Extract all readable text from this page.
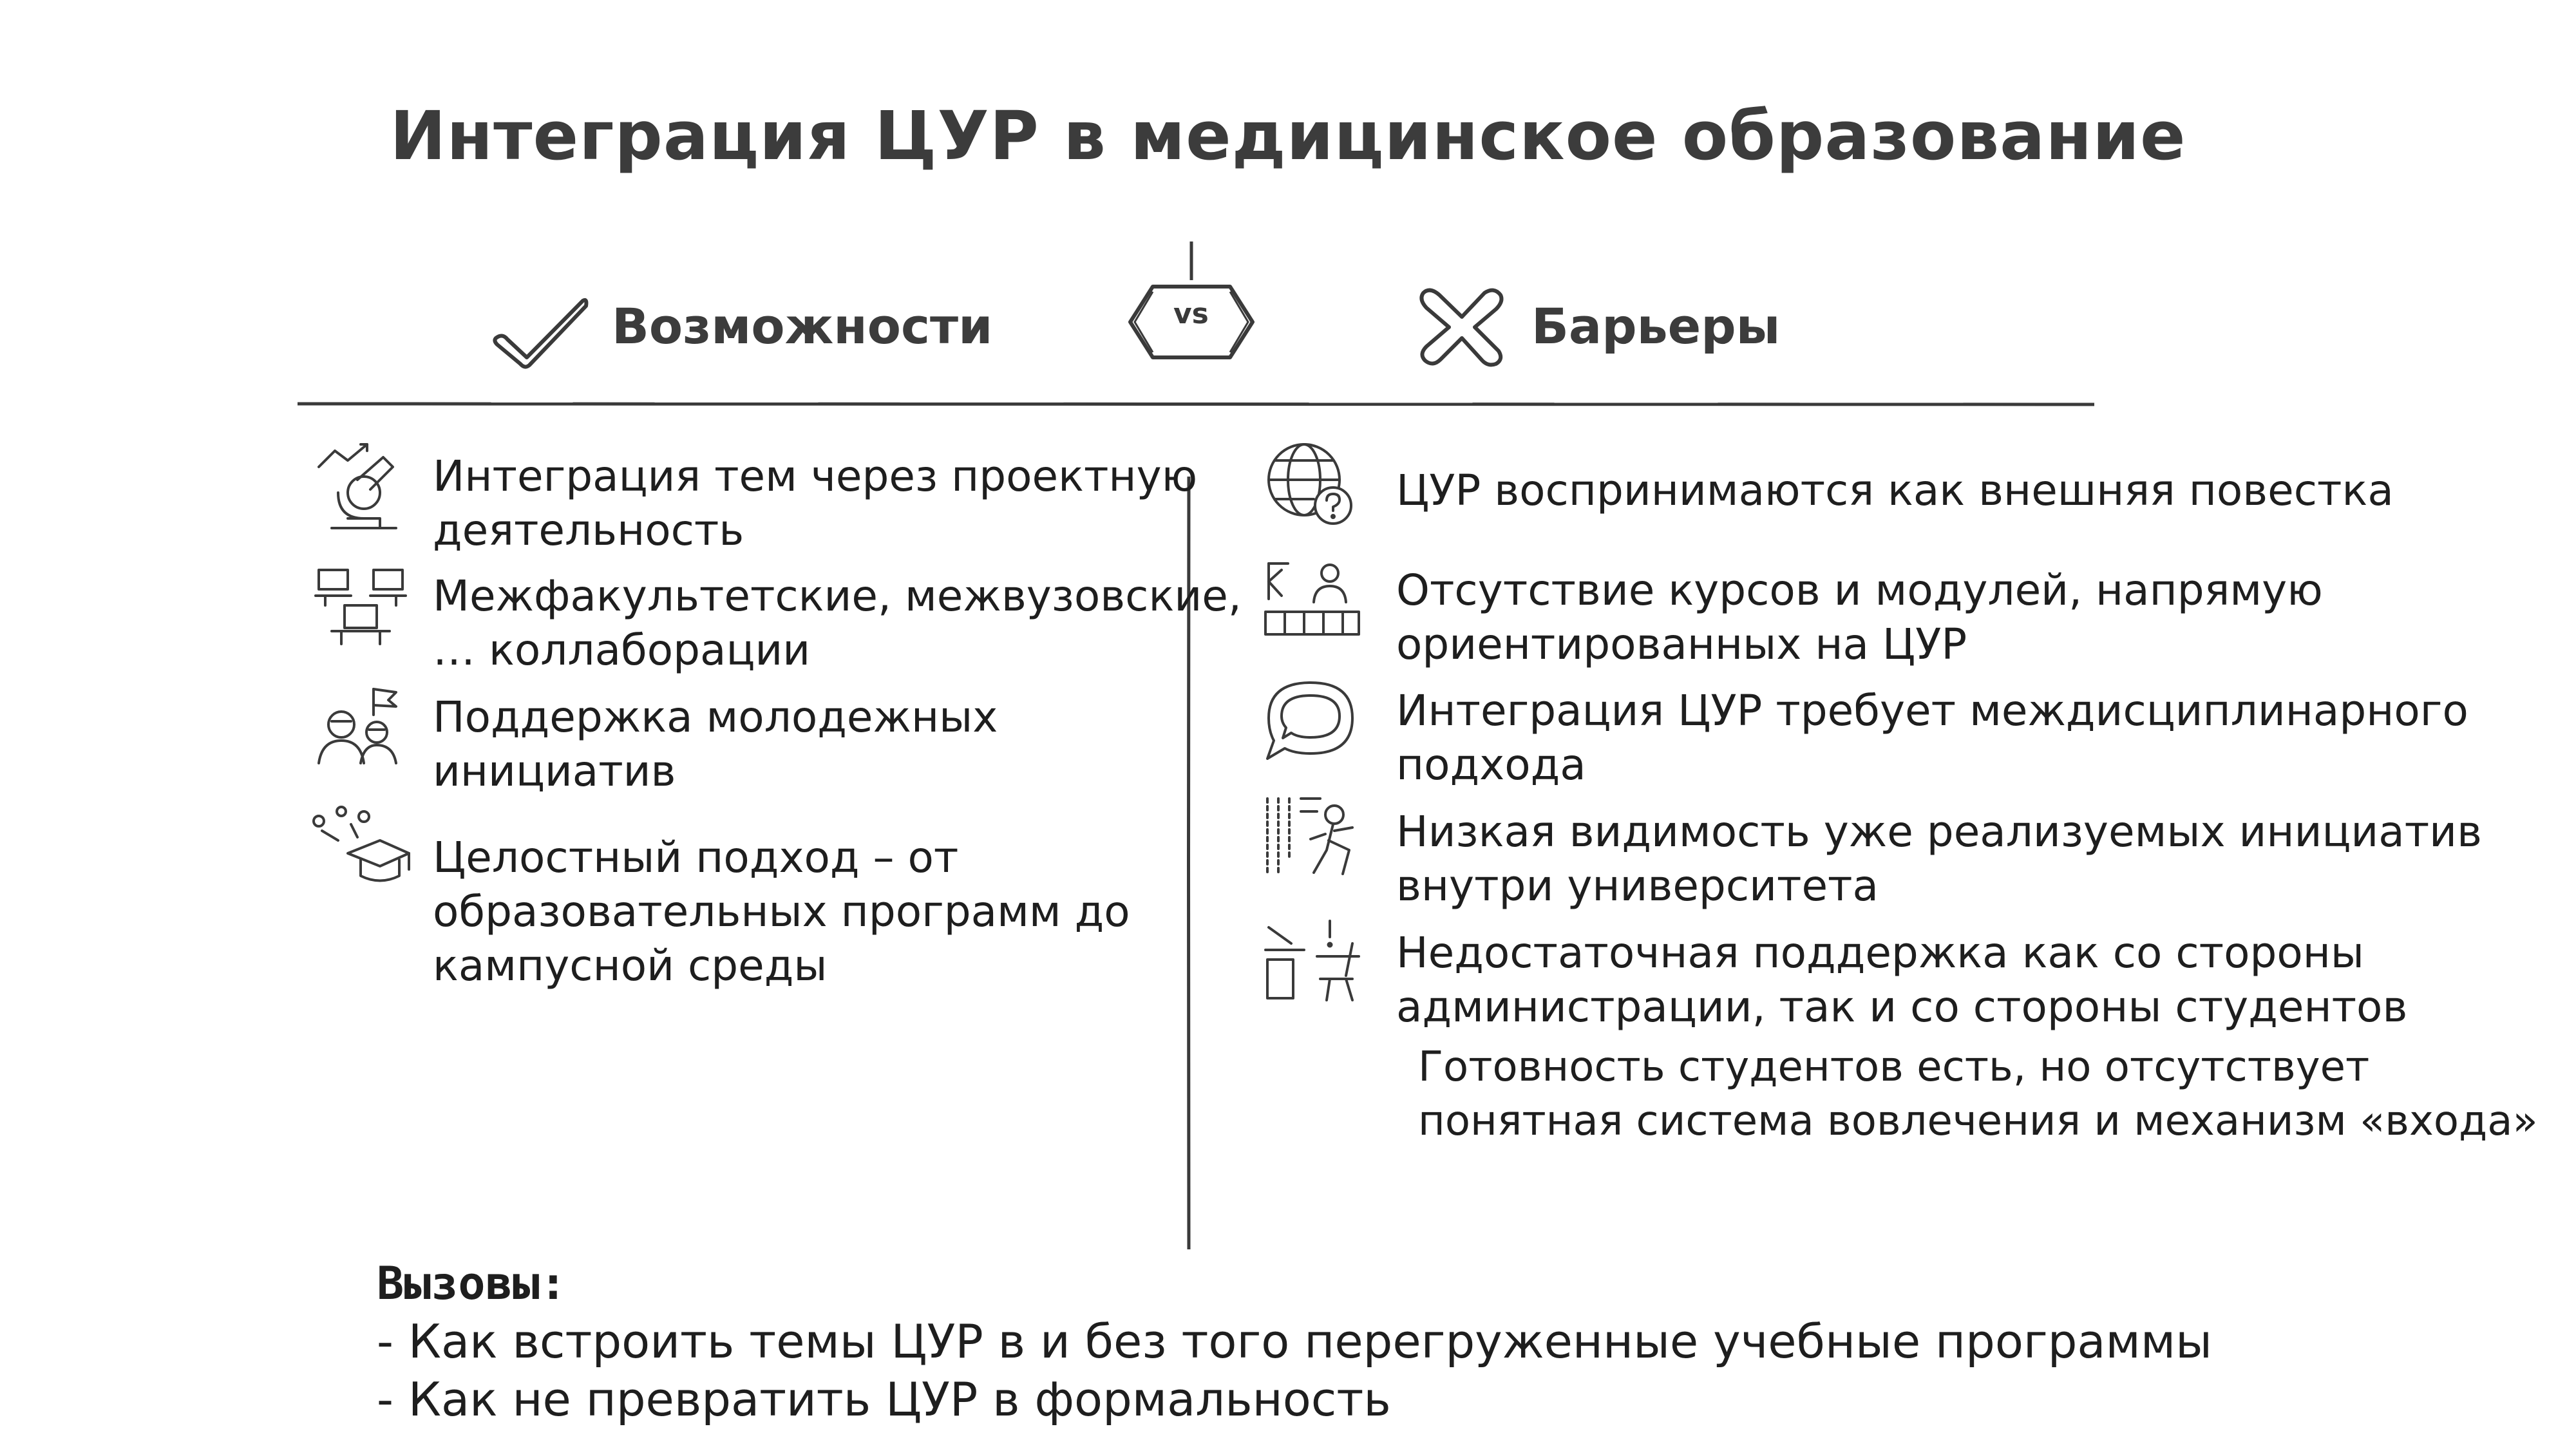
Интеграция ЦУР в медицинское образование
Возможности	vs	Барьеры
Интеграция тем через проектную
деятельность
Межфакультетские, межвузовские,
… коллаборации
Поддержка молодежных
инициатив
Целостный подход – от
образовательных программ до
кампусной среды
ЦУР воспринимаются как внешняя повестка
Отсутствие курсов и модулей, напрямую
ориентированных на ЦУР
Интеграция ЦУР требует междисциплинарного
подхода
Низкая видимость уже реализуемых инициатив
внутри университета
Недостаточная поддержка как со стороны
администрации, так и со стороны студентов
Готовность студентов есть, но отсутствует
понятная система вовлечения и механизм «входа»
Вызовы:
- Как встроить темы ЦУР в и без того перегруженные учебные программы
- Как не превратить ЦУР в формальность
